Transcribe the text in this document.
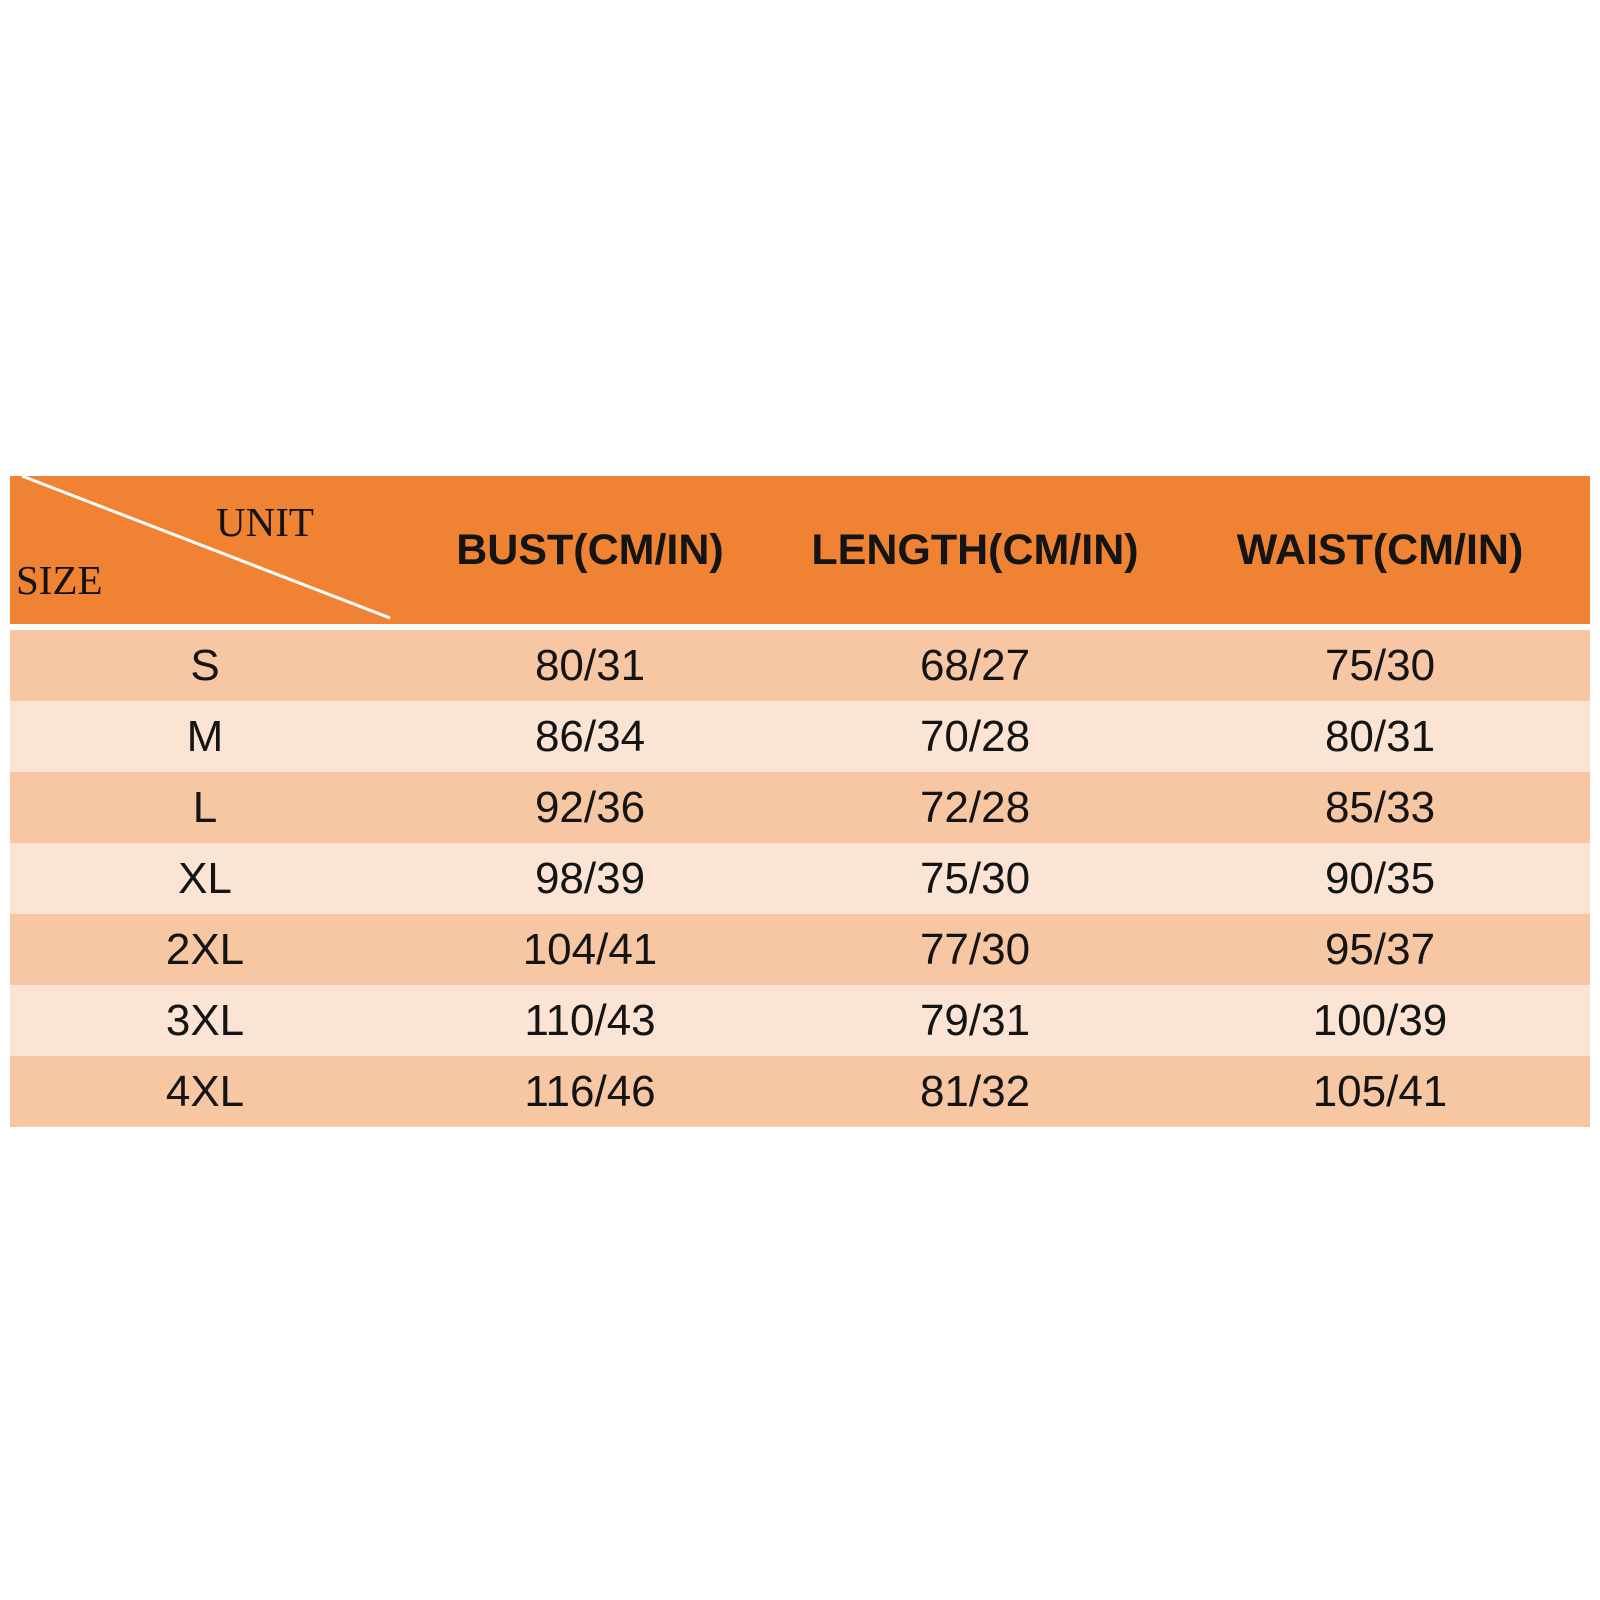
UNIT
SIZE
BUST(CM/IN)	LENGTH(CM/IN)	WAIST(CM/IN)
S	80/31	68/27	75/30
M	86/34	70/28	80/31
L	92/36	72/28	85/33
XL	98/39	75/30	90/35
2XL	104/41	77/30	95/37
3XL	110/43	79/31	100/39
4XL	116/46	81/32	105/41
